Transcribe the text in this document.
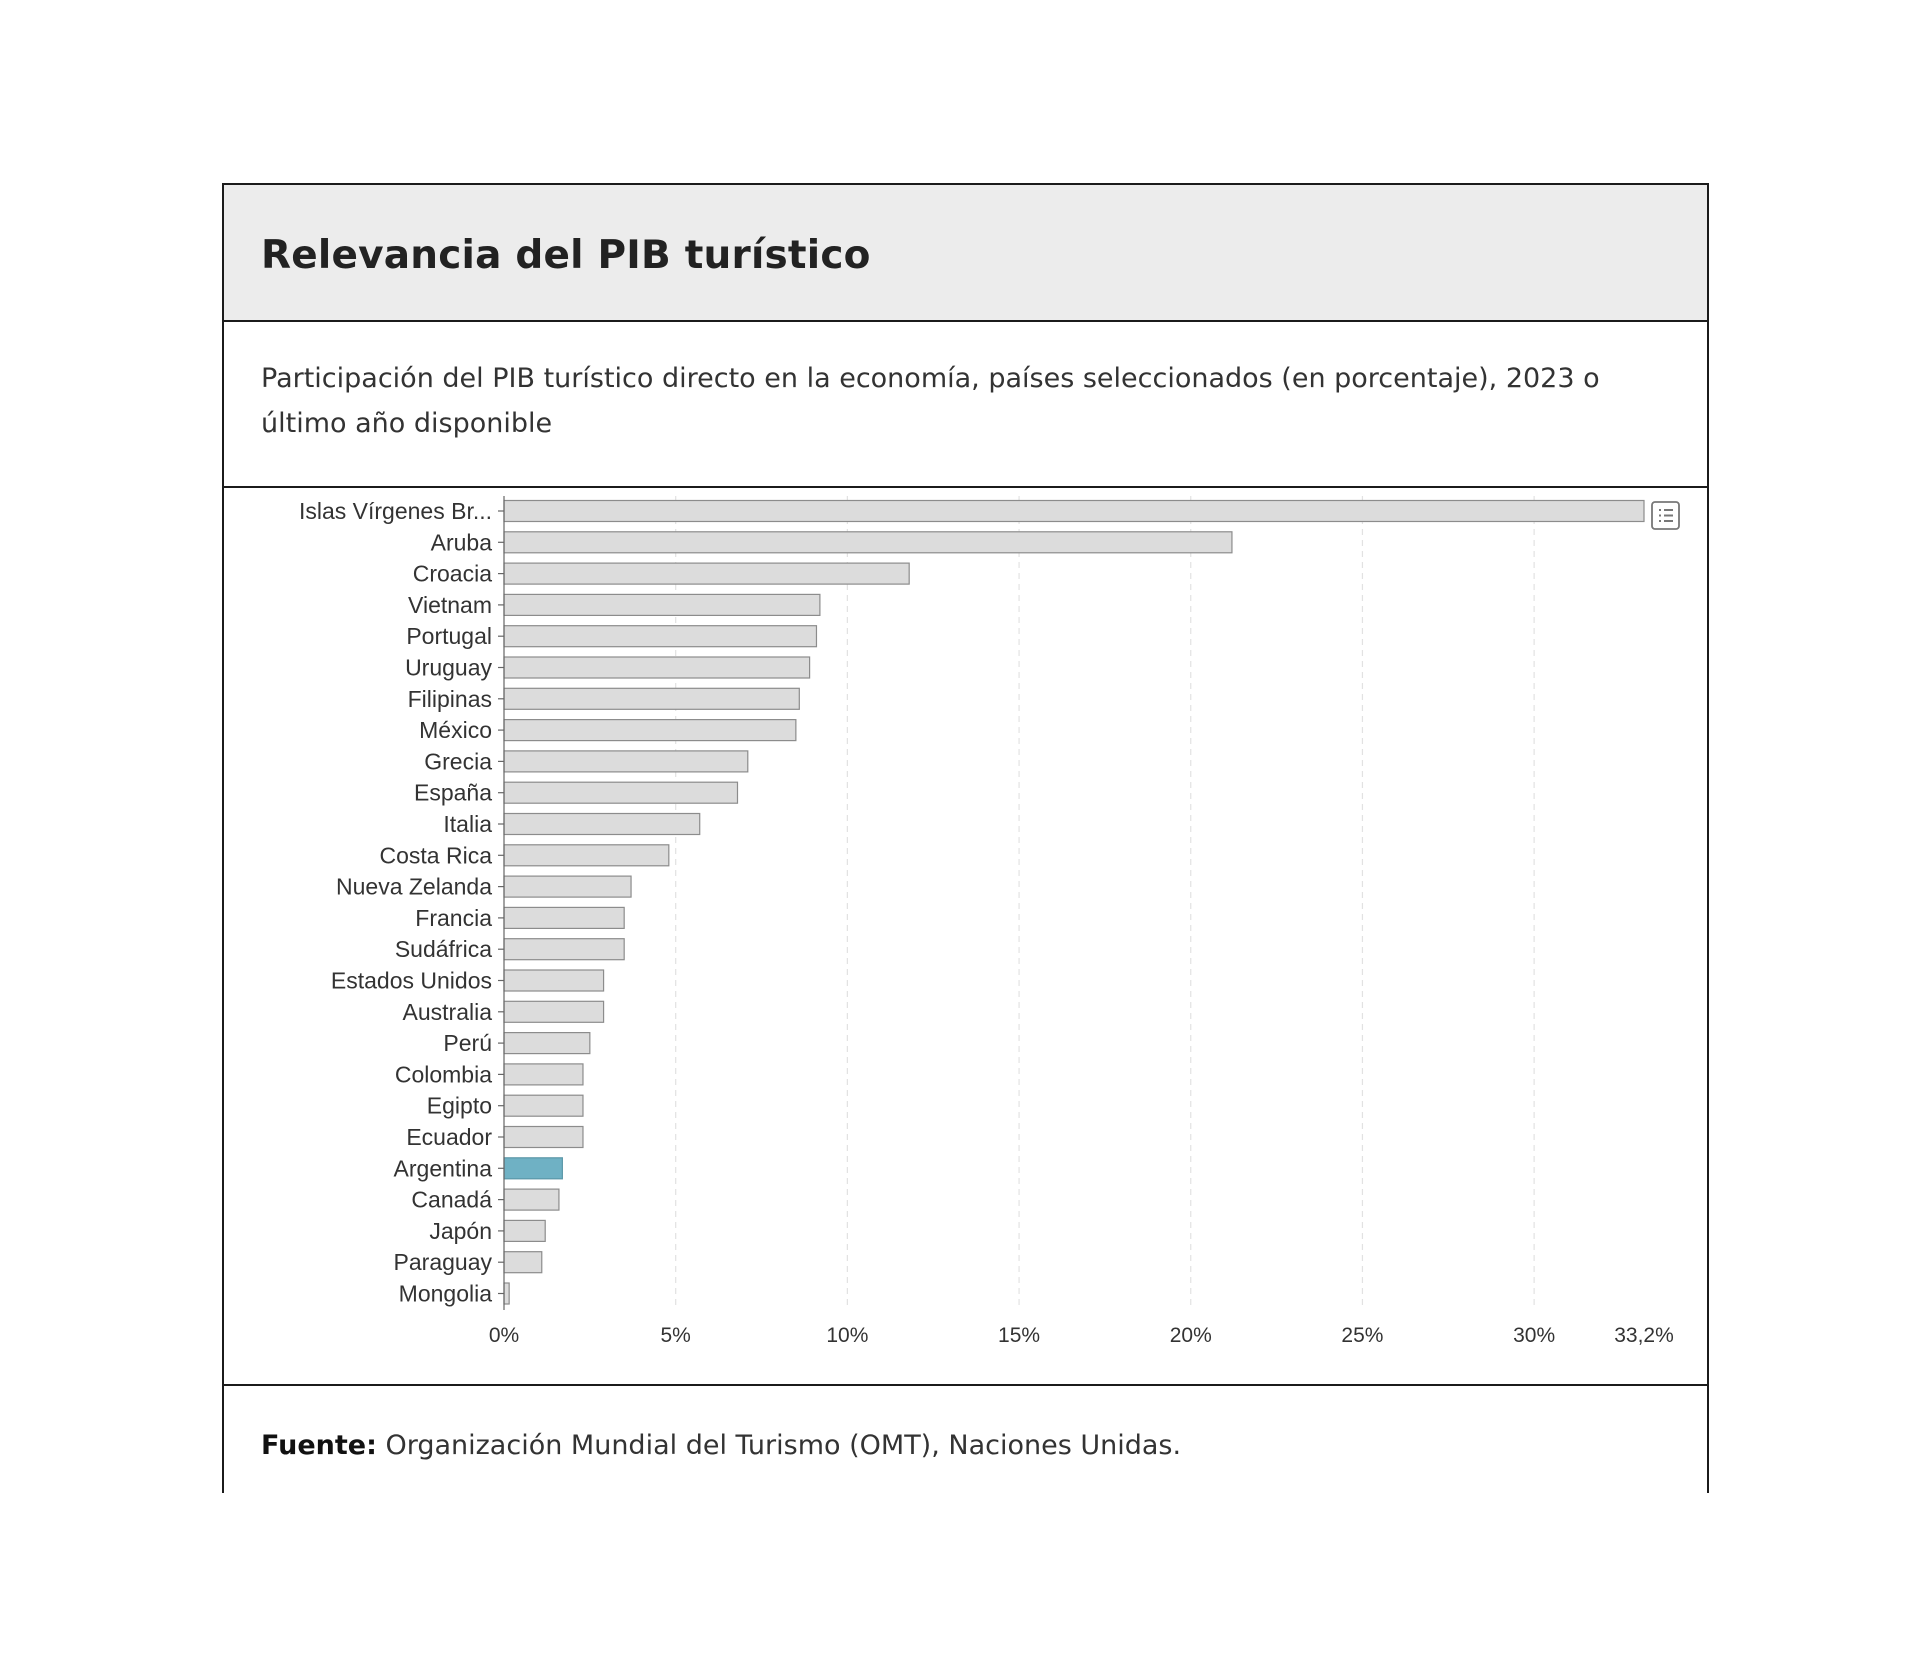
Relevancia del PIB turístico
Participación del PIB turístico directo en la economía, países seleccionados (en porcentaje), 2023 o último año disponible
Islas Vírgenes Br...
Aruba
Croacia
Vietnam
Portugal
Uruguay
Filipinas
México
Grecia
España
Italia
Costa Rica
Nueva Zelanda
Francia
Sudáfrica
Estados Unidos
Australia
Perú
Colombia
Egipto
Ecuador
Argentina
Canadá
Japón
Paraguay
Mongolia
0%	5%	10%	15%	20%	25%	30%	33,2%
Fuente: Organización Mundial del Turismo (OMT), Naciones Unidas.
